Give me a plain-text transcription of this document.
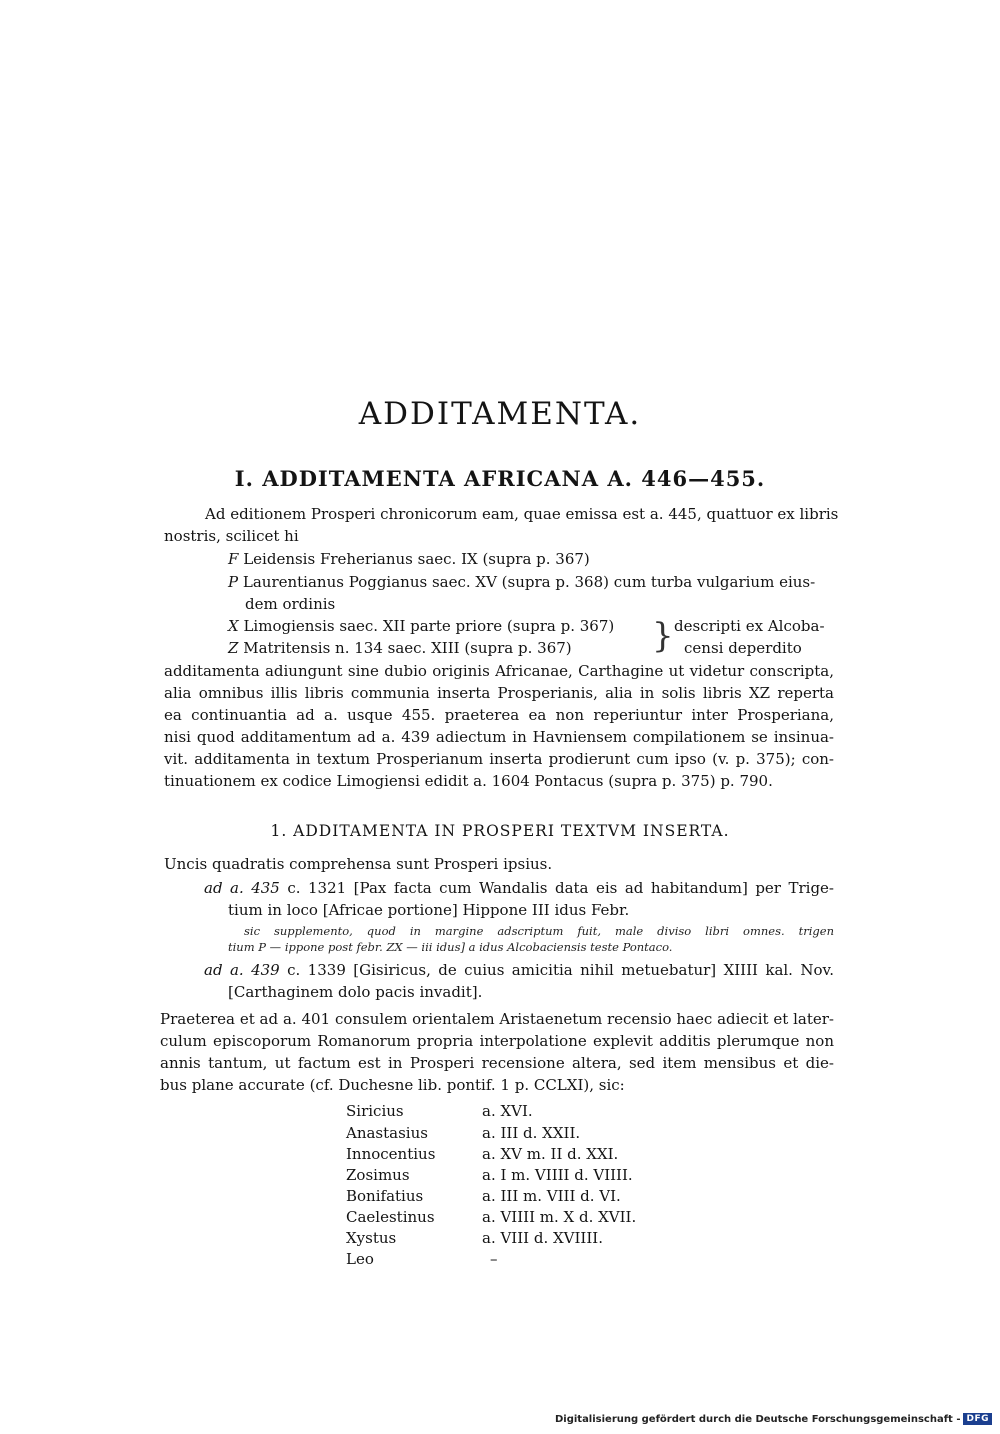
ADDITAMENTA.
I. ADDITAMENTA AFRICANA A. 446—455.
Ad editionem Prosperi chronicorum eam, quae emissa est a. 445, quattuor ex libris
nostris, scilicet hi
F Leidensis Freherianus saec. IX (supra p. 367)
P Laurentianus Poggianus saec. XV (supra p. 368) cum turba vulgarium eius-
dem ordinis
X Limogiensis saec. XII parte priore (supra p. 367)
Z Matritensis n. 134 saec. XIII (supra p. 367) } descripti ex Alcoba-
censi deperdito
additamenta adiungunt sine dubio originis Africanae, Carthagine ut videtur conscripta,
alia omnibus illis libris communia inserta Prosperianis, alia in solis libris XZ reperta
ea continuantia ad a. usque 455. praeterea ea non reperiuntur inter Prosperiana,
nisi quod additamentum ad a. 439 adiectum in Havniensem compilationem se insinua-
vit. additamenta in textum Prosperianum inserta prodierunt cum ipso (v. p. 375); con-
tinuationem ex codice Limogiensi edidit a. 1604 Pontacus (supra p. 375) p. 790.
1. ADDITAMENTA IN PROSPERI TEXTVM INSERTA.
Uncis quadratis comprehensa sunt Prosperi ipsius.
ad a. 435 c. 1321 [Pax facta cum Wandalis data eis ad habitandum] per Trige-
tium in loco [Africae portione] Hippone III idus Febr.
sic supplemento, quod in margine adscriptum fuit, male diviso libri omnes. trigen
tium P — ippone post febr. ZX — iii idus] a idus Alcobaciensis teste Pontaco.
ad a. 439 c. 1339 [Gisiricus, de cuius amicitia nihil metuebatur] XIIII kal. Nov.
[Carthaginem dolo pacis invadit].
Praeterea et ad a. 401 consulem orientalem Aristaenetum recensio haec adiecit et later-
culum episcoporum Romanorum propria interpolatione explevit additis plerumque non
annis tantum, ut factum est in Prosperi recensione altera, sed item mensibus et die-
bus plane accurate (cf. Duchesne lib. pontif. 1 p. CCLXI), sic:
Siricius	a. XVI.
Anastasius	a. III d. XXII.
Innocentius	a. XV m. II d. XXI.
Zosimus	a. I m. VIIII d. VIIII.
Bonifatius	a. III m. VIII d. VI.
Caelestinus	a. VIIII m. X d. XVII.
Xystus	a. VIII d. XVIIII.
Leo	–
Digitalisierung gefördert durch die Deutsche Forschungsgemeinschaft - DFG
